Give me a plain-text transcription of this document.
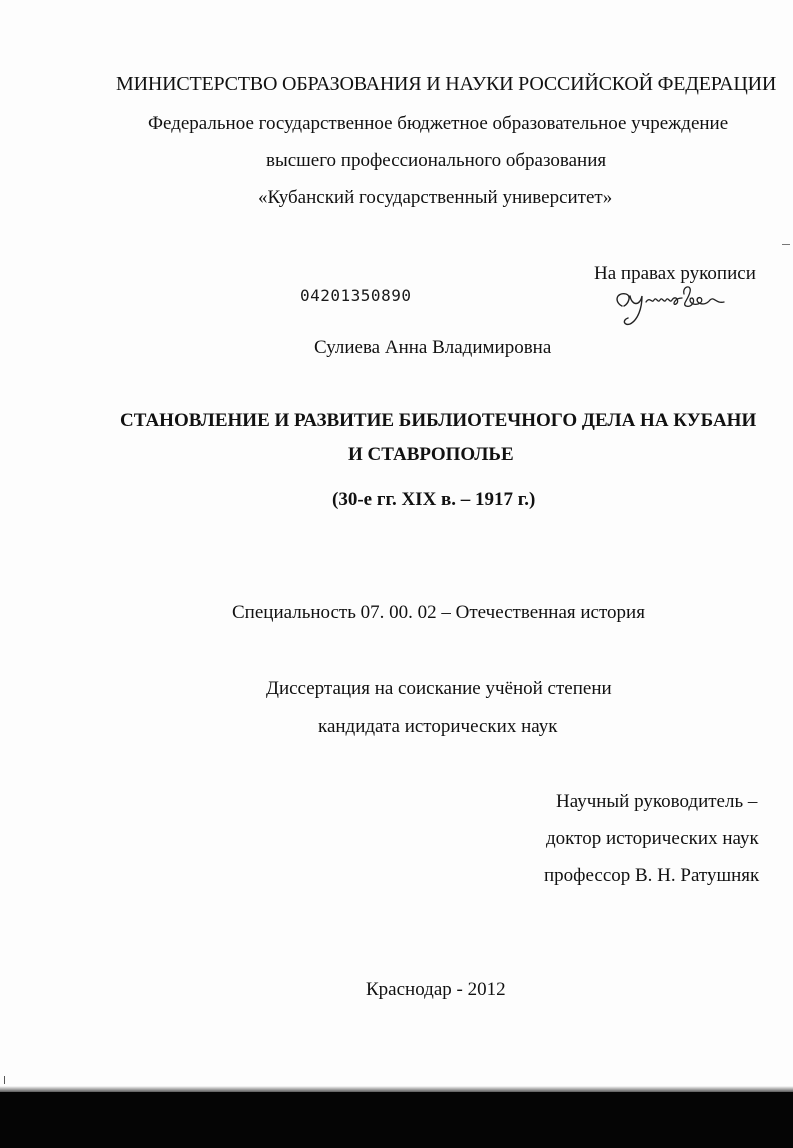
МИНИСТЕРСТВО ОБРАЗОВАНИЯ И НАУКИ РОССИЙСКОЙ ФЕДЕРАЦИИ
Федеральное государственное бюджетное образовательное учреждение
высшего профессионального образования
«Кубанский государственный университет»
На правах рукописи
04201350890
Сулиева Анна Владимировна
СТАНОВЛЕНИЕ И РАЗВИТИЕ БИБЛИОТЕЧНОГО ДЕЛА НА КУБАНИ
И СТАВРОПОЛЬЕ
(30-е гг. XIX в. – 1917 г.)
Специальность 07. 00. 02 – Отечественная история
Диссертация на соискание учёной степени
кандидата исторических наук
Научный руководитель –
доктор исторических наук
профессор В. Н. Ратушняк
Краснодар - 2012
